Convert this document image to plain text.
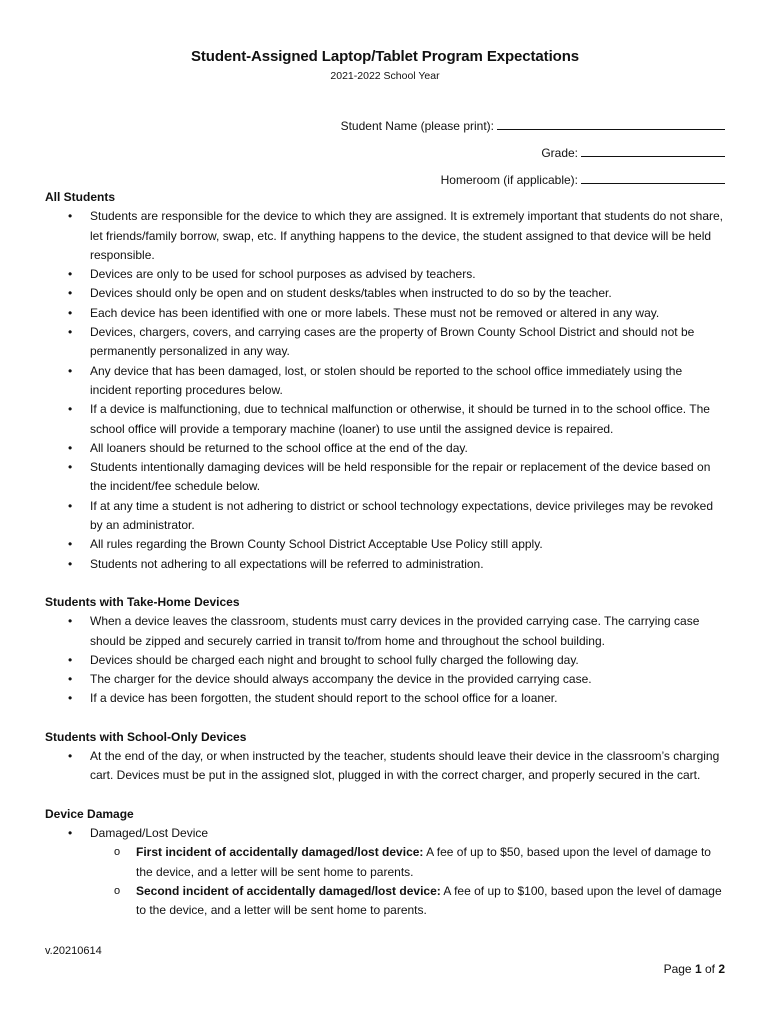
Student-Assigned Laptop/Tablet Program Expectations
2021-2022 School Year
Student Name (please print):
Grade:
Homeroom (if applicable):

All Students

• Students are responsible for the device to which they are assigned. It is extremely important that students do not share, let friends/family borrow, swap, etc. If anything happens to the device, the student assigned to that device will be held responsible.
• Devices are only to be used for school purposes as advised by teachers.
• Devices should only be open and on student desks/tables when instructed to do so by the teacher.
• Each device has been identified with one or more labels. These must not be removed or altered in any way.
• Devices, chargers, covers, and carrying cases are the property of Brown County School District and should not be permanently personalized in any way.
• Any device that has been damaged, lost, or stolen should be reported to the school office immediately using the incident reporting procedures below.
• If a device is malfunctioning, due to technical malfunction or otherwise, it should be turned in to the school office. The school office will provide a temporary machine (loaner) to use until the assigned device is repaired.
• All loaners should be returned to the school office at the end of the day.
• Students intentionally damaging devices will be held responsible for the repair or replacement of the device based on the incident/fee schedule below.
• If at any time a student is not adhering to district or school technology expectations, device privileges may be revoked by an administrator.
• All rules regarding the Brown County School District Acceptable Use Policy still apply.
• Students not adhering to all expectations will be referred to administration.

Students with Take-Home Devices

• When a device leaves the classroom, students must carry devices in the provided carrying case. The carrying case should be zipped and securely carried in transit to/from home and throughout the school building.
• Devices should be charged each night and brought to school fully charged the following day.
• The charger for the device should always accompany the device in the provided carrying case.
• If a device has been forgotten, the student should report to the school office for a loaner.

Students with School-Only Devices

• At the end of the day, or when instructed by the teacher, students should leave their device in the classroom’s charging cart. Devices must be put in the assigned slot, plugged in with the correct charger, and properly secured in the cart.

Device Damage

• Damaged/Lost Device
o First incident of accidentally damaged/lost device: A fee of up to $50, based upon the level of damage to the device, and a letter will be sent home to parents.
o Second incident of accidentally damaged/lost device: A fee of up to $100, based upon the level of damage to the device, and a letter will be sent home to parents.
v.20210614
Page 1 of 2
